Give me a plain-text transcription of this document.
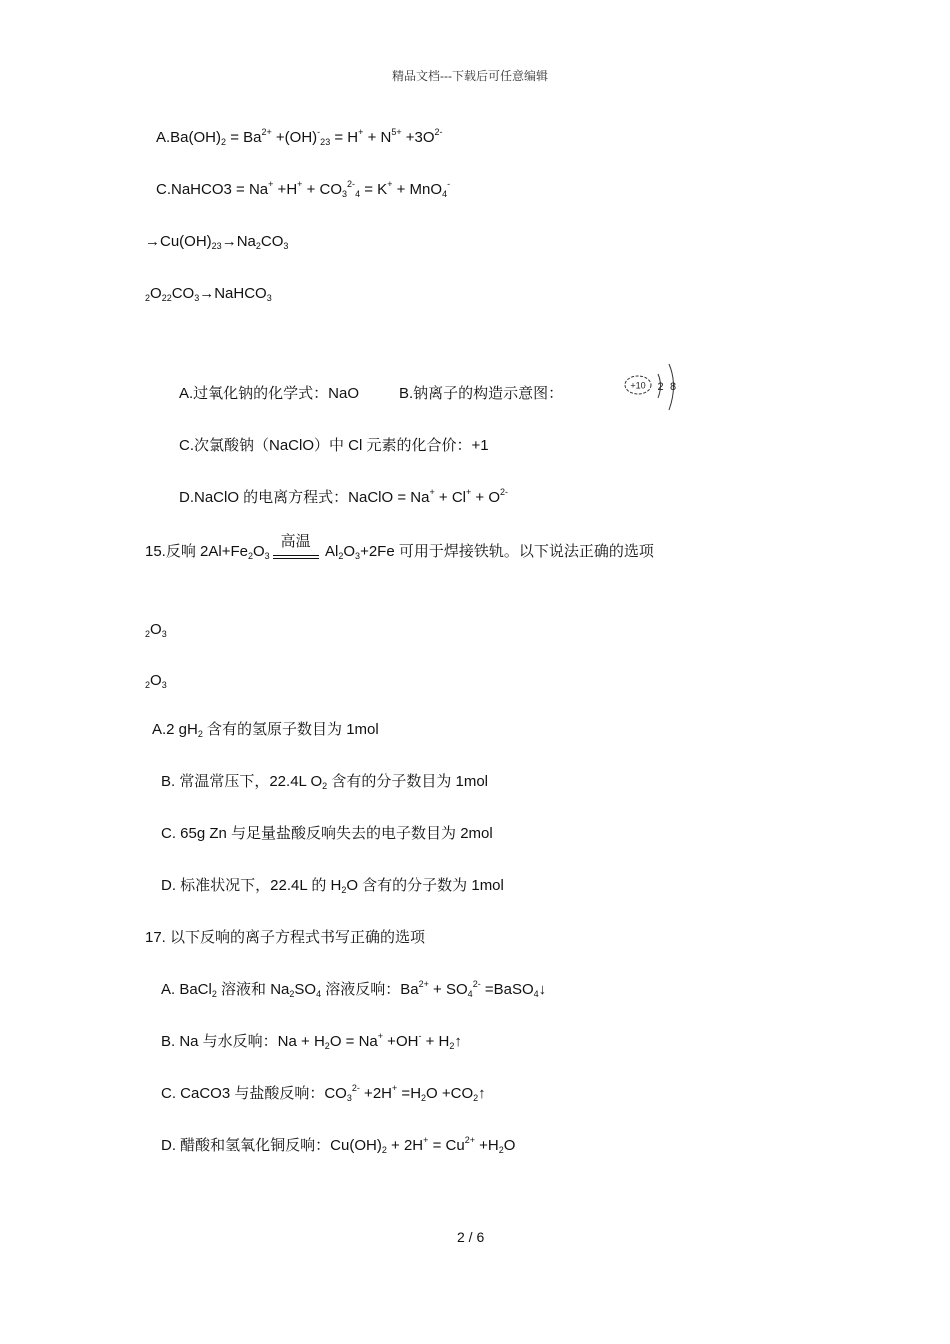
精品文档---下载后可任意编辑
$A.Ba(OH)_2 = Ba^{2+} +(OH)^-_{23} = H^+ + N^{5+} +3O^{2-}$
C.NaHCO3 = $Na^+ +H^+ + CO_3^{2-}_4 = K^+ + MnO_4^-$
$\to Cu(OH)_{23}\to Na_2CO_3$
$_2O_{22}CO_3\to NaHCO_3$
A.过氧化钠的化学式：NaO	B.钠离子的构造示意图：	+10 2 8
C.次氯酸钠（NaClO）中 Cl 元素的化合价：+1
D.NaClO 的电离方程式：NaClO = $Na^+ + Cl^+ + O^{2-}$
15.反响 $2Al+Fe_2O_3$
高温
$Al_2O_3+2Fe$ 可用于焊接铁轨。以下说法正确的选项
$_2O_3$
$_2O_3$
A.2 $gH_2$ 含有的氢原子数目为 1mol
B. 常温常压下，22.4L $O_2$ 含有的分子数目为 1mol
C. 65g Zn 与足量盐酸反响失去的电子数目为 2mol
D. 标准状况下，22.4L 的 $H_2O$ 含有的分子数为 1mol
17. 以下反响的离子方程式书写正确的选项
A. BaCl$_2$ 溶液和 $Na_2SO_4$ 溶液反响：$Ba^{2+} + SO_4^{2-}$ =BaSO$_4$↓
B. Na 与水反响：$Na + H_2O = Na^+ +OH^-$ + $H_2↑$
C. CaCO3 与盐酸反响：$CO_3^{2-} +2H^+ =H_2O$ $+CO_2↑$
D. 醋酸和氢氧化铜反响：$Cu(OH)_2 + 2H^+ = Cu^{2+} +H_2O$
2 / 6
